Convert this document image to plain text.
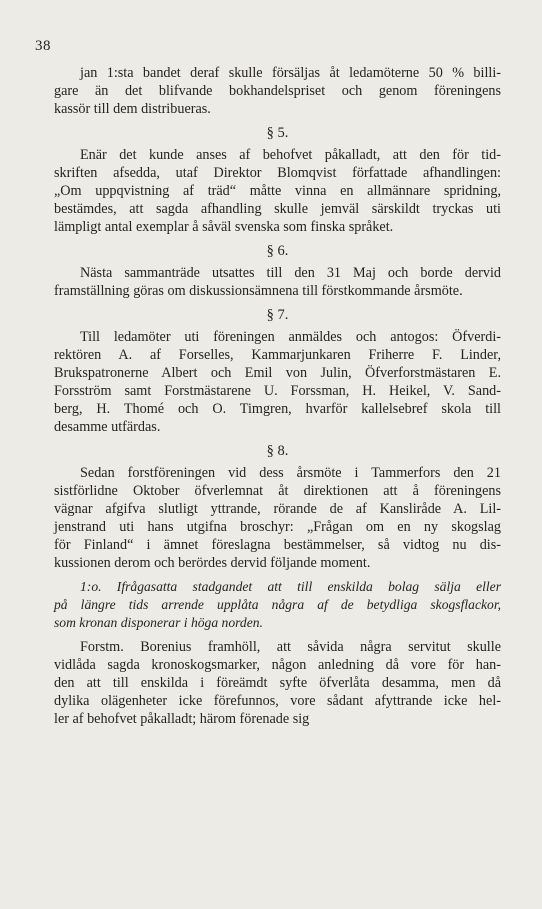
38
jan 1:sta bandet deraf skulle försäljas åt ledamöterne 50 % billi-
gare än det blifvande bokhandelspriset och genom föreningens
kassör till dem distribueras.
§ 5.
Enär det kunde anses af behofvet påkalladt, att den för tid-
skriften afsedda, utaf Direktor Blomqvist författade afhandlingen:
„Om uppqvistning af träd“ måtte vinna en allmännare spridning,
bestämdes, att sagda afhandling skulle jemväl särskildt tryckas uti
lämpligt antal exemplar å såväl svenska som finska språket.
§ 6.
Nästa sammanträde utsattes till den 31 Maj och borde dervid
framställning göras om diskussionsämnena till förstkommande årsmöte.
§ 7.
Till ledamöter uti föreningen anmäldes och antogos: Öfverdi-
rektören A. af Forselles, Kammarjunkaren Friherre F. Linder,
Brukspatronerne Albert och Emil von Julin, Öfverforstmästaren E.
Forsström samt Forstmästarene U. Forssman, H. Heikel, V. Sand-
berg, H. Thomé och O. Timgren, hvarför kallelsebref skola till
desamme utfärdas.
§ 8.
Sedan forstföreningen vid dess årsmöte i Tammerfors den 21
sistförlidne Oktober öfverlemnat åt direktionen att å föreningens
vägnar afgifva slutligt yttrande, rörande de af Kansliråde A. Lil-
jenstrand uti hans utgifna broschyr: „Frågan om en ny skogslag
för Finland“ i ämnet föreslagna bestämmelser, så vidtog nu dis-
kussionen derom och berördes dervid följande moment.
1:o. Ifrågasatta stadgandet att till enskilda bolag sälja eller
på längre tids arrende upplåta några af de betydliga skogsflackor,
som kronan disponerar i höga norden.
Forstm. Borenius framhöll, att såvida några servitut skulle
vidlåda sagda kronoskogsmarker, någon anledning då vore för han-
den att till enskilda i föreämdt syfte öfverlåta desamma, men då
dylika olägenheter icke förefunnos, vore sådant afyttrande icke hel-
ler af behofvet påkalladt; härom förenade sig
